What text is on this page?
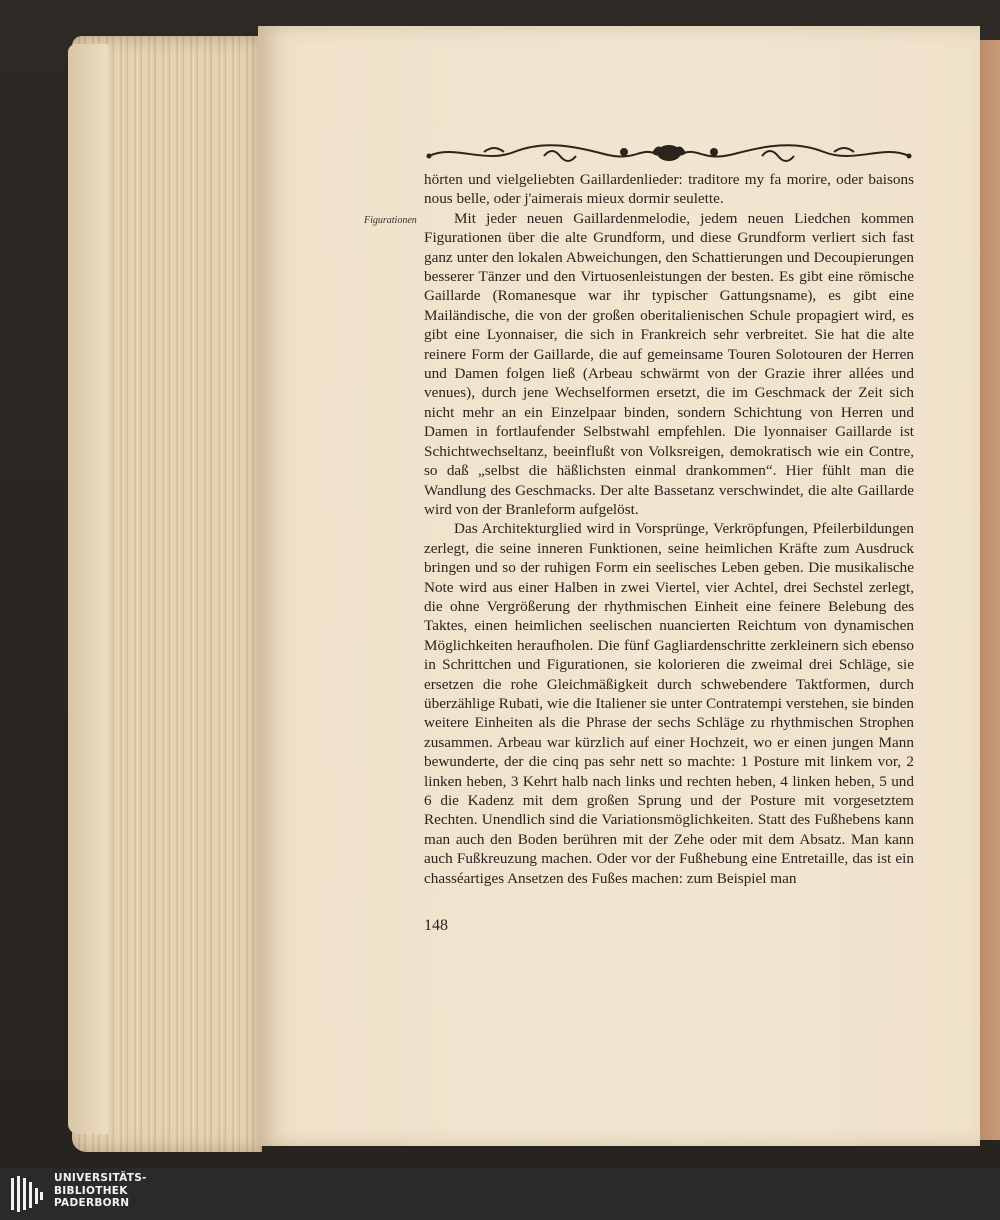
Figurationen

hörten und vielgeliebten Gaillardenlieder: traditore my fa morire, oder baisons nous belle, oder j'aimerais mieux dormir seulette.

Mit jeder neuen Gaillardenmelodie, jedem neuen Liedchen kommen Figurationen über die alte Grundform, und diese Grundform verliert sich fast ganz unter den lokalen Abweichungen, den Schattierungen und Decoupierungen besserer Tänzer und den Virtuosenleistungen der besten. Es gibt eine römische Gaillarde (Romanesque war ihr typischer Gattungsname), es gibt eine Mailändische, die von der großen oberitalienischen Schule propagiert wird, es gibt eine Lyonnaiser, die sich in Frankreich sehr verbreitet. Sie hat die alte reinere Form der Gaillarde, die auf gemeinsame Touren Solotouren der Herren und Damen folgen ließ (Arbeau schwärmt von der Grazie ihrer allées und venues), durch jene Wechselformen ersetzt, die im Geschmack der Zeit sich nicht mehr an ein Einzelpaar binden, sondern Schichtung von Herren und Damen in fortlaufender Selbstwahl empfehlen. Die lyonnaiser Gaillarde ist Schichtwechseltanz, beeinflußt von Volksreigen, demokratisch wie ein Contre, so daß „selbst die häßlichsten einmal drankommen“. Hier fühlt man die Wandlung des Geschmacks. Der alte Bassetanz verschwindet, die alte Gaillarde wird von der Branleform aufgelöst.

Das Architekturglied wird in Vorsprünge, Verkröpfungen, Pfeilerbildungen zerlegt, die seine inneren Funktionen, seine heimlichen Kräfte zum Ausdruck bringen und so der ruhigen Form ein seelisches Leben geben. Die musikalische Note wird aus einer Halben in zwei Viertel, vier Achtel, drei Sechstel zerlegt, die ohne Vergrößerung der rhythmischen Einheit eine feinere Belebung des Taktes, einen heimlichen seelischen nuancierten Reichtum von dynamischen Möglichkeiten heraufholen. Die fünf Gagliardenschritte zerkleinern sich ebenso in Schrittchen und Figurationen, sie kolorieren die zweimal drei Schläge, sie ersetzen die rohe Gleichmäßigkeit durch schwebendere Taktformen, durch überzählige Rubati, wie die Italiener sie unter Contratempi verstehen, sie binden weitere Einheiten als die Phrase der sechs Schläge zu rhythmischen Strophen zusammen. Arbeau war kürzlich auf einer Hochzeit, wo er einen jungen Mann bewunderte, der die cinq pas sehr nett so machte: 1 Posture mit linkem vor, 2 linken heben, 3 Kehrt halb nach links und rechten heben, 4 linken heben, 5 und 6 die Kadenz mit dem großen Sprung und der Posture mit vorgesetztem Rechten. Unendlich sind die Variationsmöglichkeiten. Statt des Fußhebens kann man auch den Boden berühren mit der Zehe oder mit dem Absatz. Man kann auch Fußkreuzung machen. Oder vor der Fußhebung eine Entretaille, das ist ein chasséartiges Ansetzen des Fußes machen: zum Beispiel man

148
UNIVERSITÄTS-
BIBLIOTHEK
PADERBORN
